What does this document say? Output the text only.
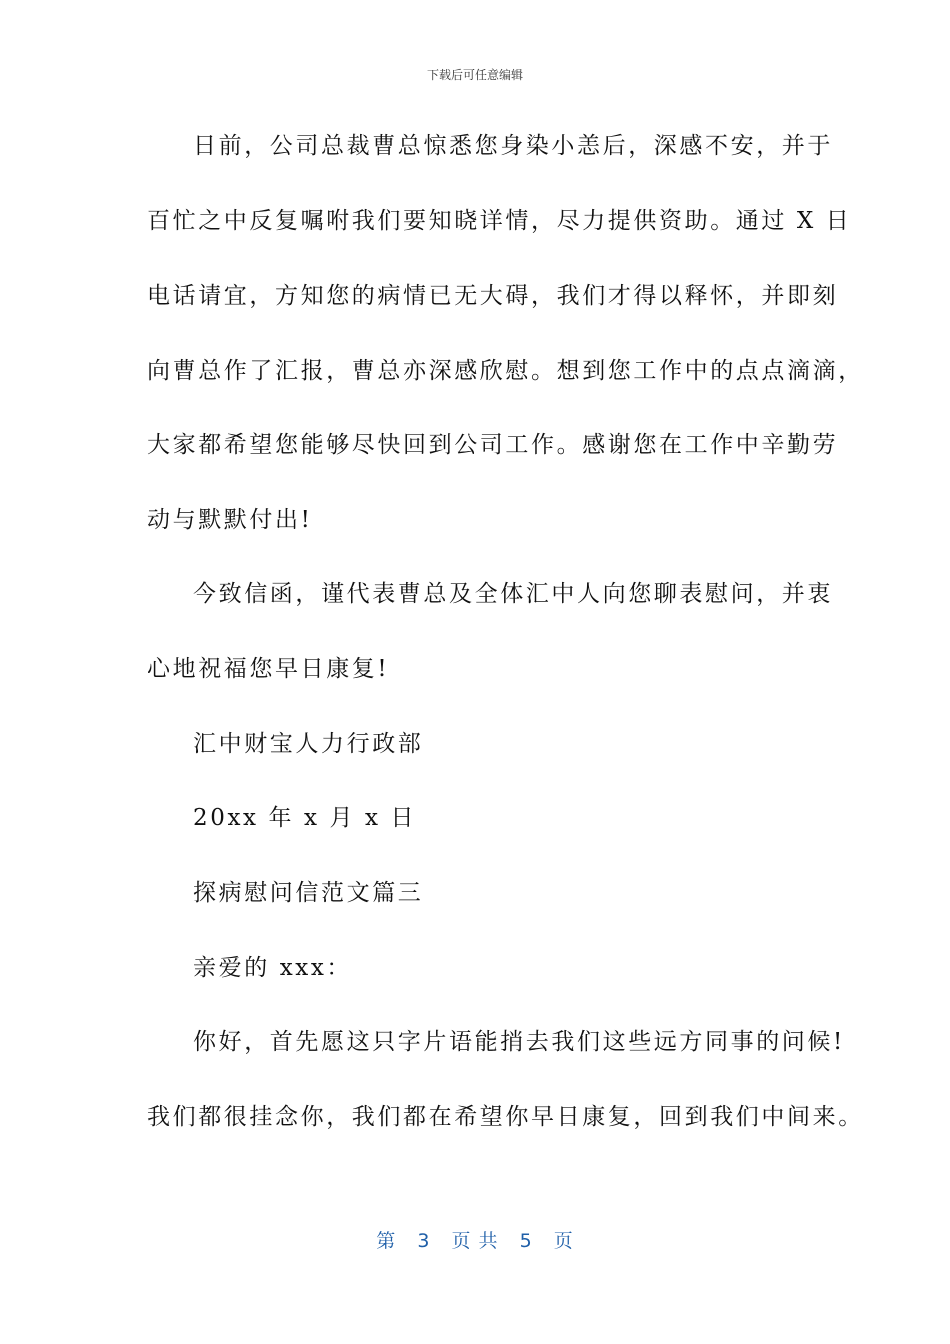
下载后可任意编辑
日前，公司总裁曹总惊悉您身染小恙后，深感不安，并于
百忙之中反复嘱咐我们要知晓详情，尽力提供资助。通过 X 日
电话请宜，方知您的病情已无大碍，我们才得以释怀，并即刻
向曹总作了汇报，曹总亦深感欣慰。想到您工作中的点点滴滴，
大家都希望您能够尽快回到公司工作。感谢您在工作中辛勤劳
动与默默付出!
今致信函，谨代表曹总及全体汇中人向您聊表慰问，并衷
心地祝福您早日康复!
汇中财宝人力行政部
20xx 年 x 月 x 日
探病慰问信范文篇三
亲爱的 xxx：
你好，首先愿这只字片语能捎去我们这些远方同事的问候!
我们都很挂念你，我们都在希望你早日康复，回到我们中间来。
第 3 页 共 5 页
